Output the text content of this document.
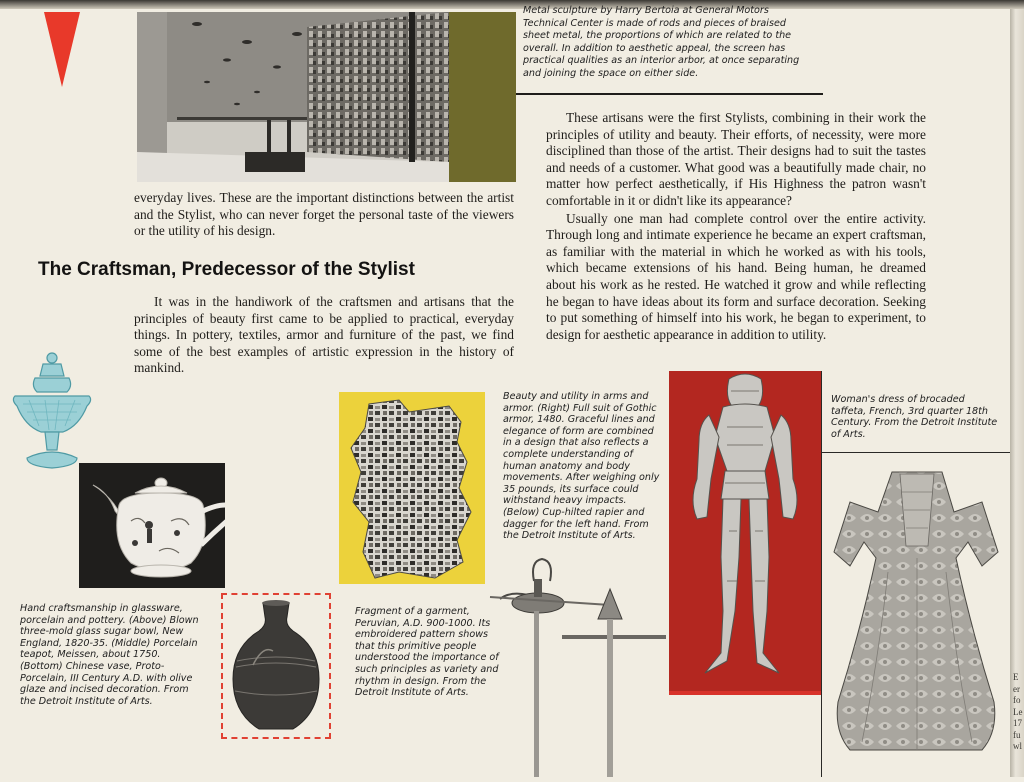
E
er
fo
Le
17
fu
wl
Metal sculpture by Harry Bertoia at General Motors Technical Center is made of rods and pieces of braised sheet metal, the proportions of which are related to the overall. In addition to aesthetic appeal, the screen has practical qualities as an interior arbor, at once separating and joining the space on either side.
everyday lives. These are the important distinctions between the artist and the Stylist, who can never forget the personal taste of the viewers or the utility of his design.
The Craftsman, Predecessor of the Stylist
It was in the handiwork of the craftsmen and artisans that the principles of beauty first came to be applied to practical, everyday things. In pottery, textiles, armor and furniture of the past, we find some of the best examples of artistic expression in the history of mankind.

These artisans were the first Stylists, combining in their work the principles of utility and beauty. Their efforts, of necessity, were more disciplined than those of the artist. Their designs had to suit the tastes and needs of a customer. What good was a beautifully made chair, no matter how perfect aesthetically, if His Highness the patron wasn't comfortable in it or didn't like its appearance?

Usually one man had complete control over the entire activity. Through long and intimate experience he became an expert craftsman, as familiar with the material in which he worked as with his tools, which became extensions of his hand. Being human, he dreamed about his work as he rested. He watched it grow and while reflecting he began to have ideas about its form and surface decoration. Seeking to put something of himself into his work, he began to experiment, to design for aesthetic appearance in addition to utility.

Hand craftsmanship in glassware, porcelain and pottery. (Above) Blown three-mold glass sugar bowl, New England, 1820-35. (Middle) Porcelain teapot, Meissen, about 1750. (Bottom) Chinese vase, Proto-Porcelain, III Century A.D. with olive glaze and incised decoration. From the Detroit Institute of Arts.
Fragment of a garment, Peruvian, A.D. 900-1000. Its embroidered pattern shows that this primitive people understood the importance of such principles as variety and rhythm in design. From the Detroit Institute of Arts.
Beauty and utility in arms and armor. (Right) Full suit of Gothic armor, 1480. Graceful lines and elegance of form are combined in a design that also reflects a complete understanding of human anatomy and body movements. After weighing only 35 pounds, its surface could withstand heavy impacts. (Below) Cup-hilted rapier and dagger for the left hand. From the Detroit Institute of Arts.
Woman's dress of brocaded taffeta, French, 3rd quarter 18th Century. From the Detroit Institute of Arts.
